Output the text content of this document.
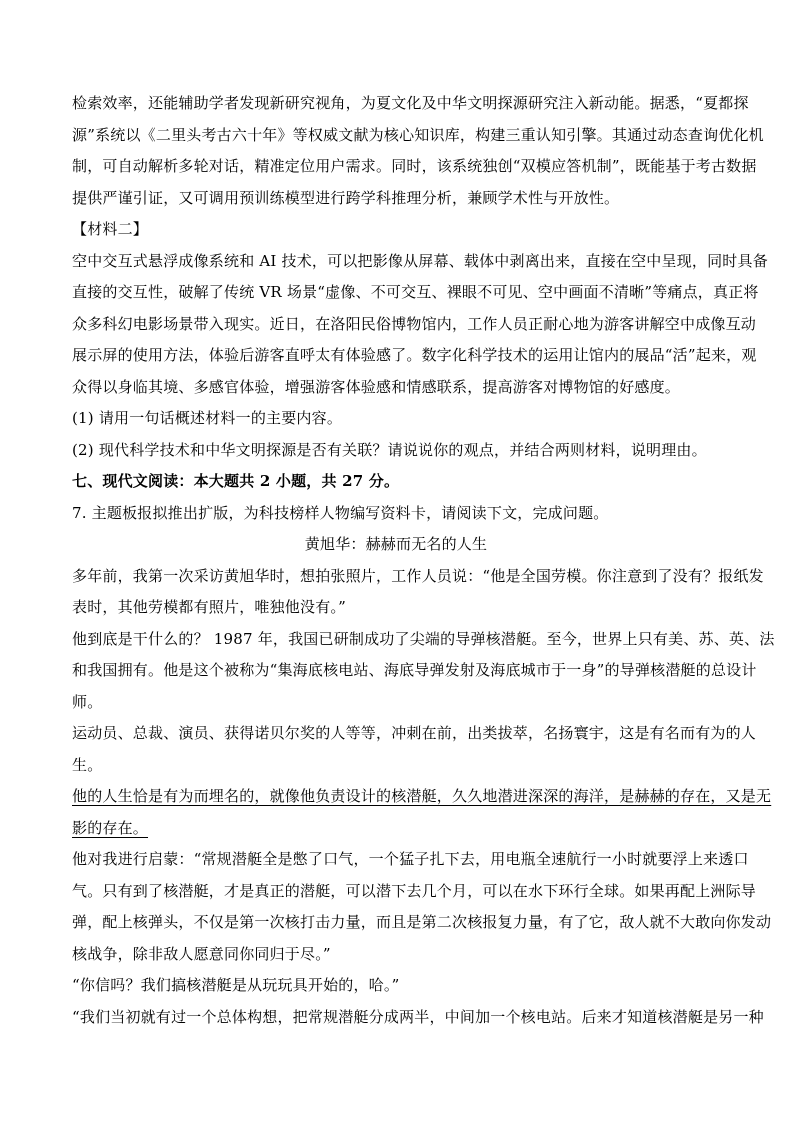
检索效率，还能辅助学者发现新研究视角，为夏文化及中华文明探源研究注入新动能。据悉，“夏都探
源”系统以《二里头考古六十年》等权威文献为核心知识库，构建三重认知引擎。其通过动态查询优化机
制，可自动解析多轮对话，精准定位用户需求。同时，该系统独创“双模应答机制”，既能基于考古数据
提供严谨引证，又可调用预训练模型进行跨学科推理分析，兼顾学术性与开放性。
【材料二】
空中交互式悬浮成像系统和 AI 技术，可以把影像从屏幕、载体中剥离出来，直接在空中呈现，同时具备
直接的交互性，破解了传统 VR 场景“虚像、不可交互、裸眼不可见、空中画面不清晰”等痛点，真正将
众多科幻电影场景带入现实。近日，在洛阳民俗博物馆内，工作人员正耐心地为游客讲解空中成像互动
展示屏的使用方法，体验后游客直呼太有体验感了。数字化科学技术的运用让馆内的展品“活”起来，观
众得以身临其境、多感官体验，增强游客体验感和情感联系，提高游客对博物馆的好感度。
(1) 请用一句话概述材料一的主要内容。
(2) 现代科学技术和中华文明探源是否有关联？请说说你的观点，并结合两则材料，说明理由。
七、现代文阅读：本大题共 2 小题，共 27 分。
7. 主题板报拟推出扩版，为科技榜样人物编写资料卡，请阅读下文，完成问题。
黄旭华：赫赫而无名的人生
多年前，我第一次采访黄旭华时，想拍张照片，工作人员说：“他是全国劳模。你注意到了没有？报纸发
表时，其他劳模都有照片，唯独他没有。”
他到底是干什么的？ 1987 年，我国已研制成功了尖端的导弹核潜艇。至今，世界上只有美、苏、英、法
和我国拥有。他是这个被称为“集海底核电站、海底导弹发射及海底城市于一身”的导弹核潜艇的总设计
师。
运动员、总裁、演员、获得诺贝尔奖的人等等，冲刺在前，出类拔萃，名扬寰宇，这是有名而有为的人
生。
他的人生恰是有为而埋名的，就像他负责设计的核潜艇，久久地潜进深深的海洋，是赫赫的存在，又是无
影的存在。
他对我进行启蒙：“常规潜艇全是憋了口气，一个猛子扎下去，用电瓶全速航行一小时就要浮上来透口
气。只有到了核潜艇，才是真正的潜艇，可以潜下去几个月，可以在水下环行全球。如果再配上洲际导
弹，配上核弹头，不仅是第一次核打击力量，而且是第二次核报复力量，有了它，敌人就不大敢向你发动
核战争，除非敌人愿意同你同归于尽。”
“你信吗？我们搞核潜艇是从玩玩具开始的，哈。”
“我们当初就有过一个总体构想，把常规潜艇分成两半，中间加一个核电站。后来才知道核潜艇是另一种
